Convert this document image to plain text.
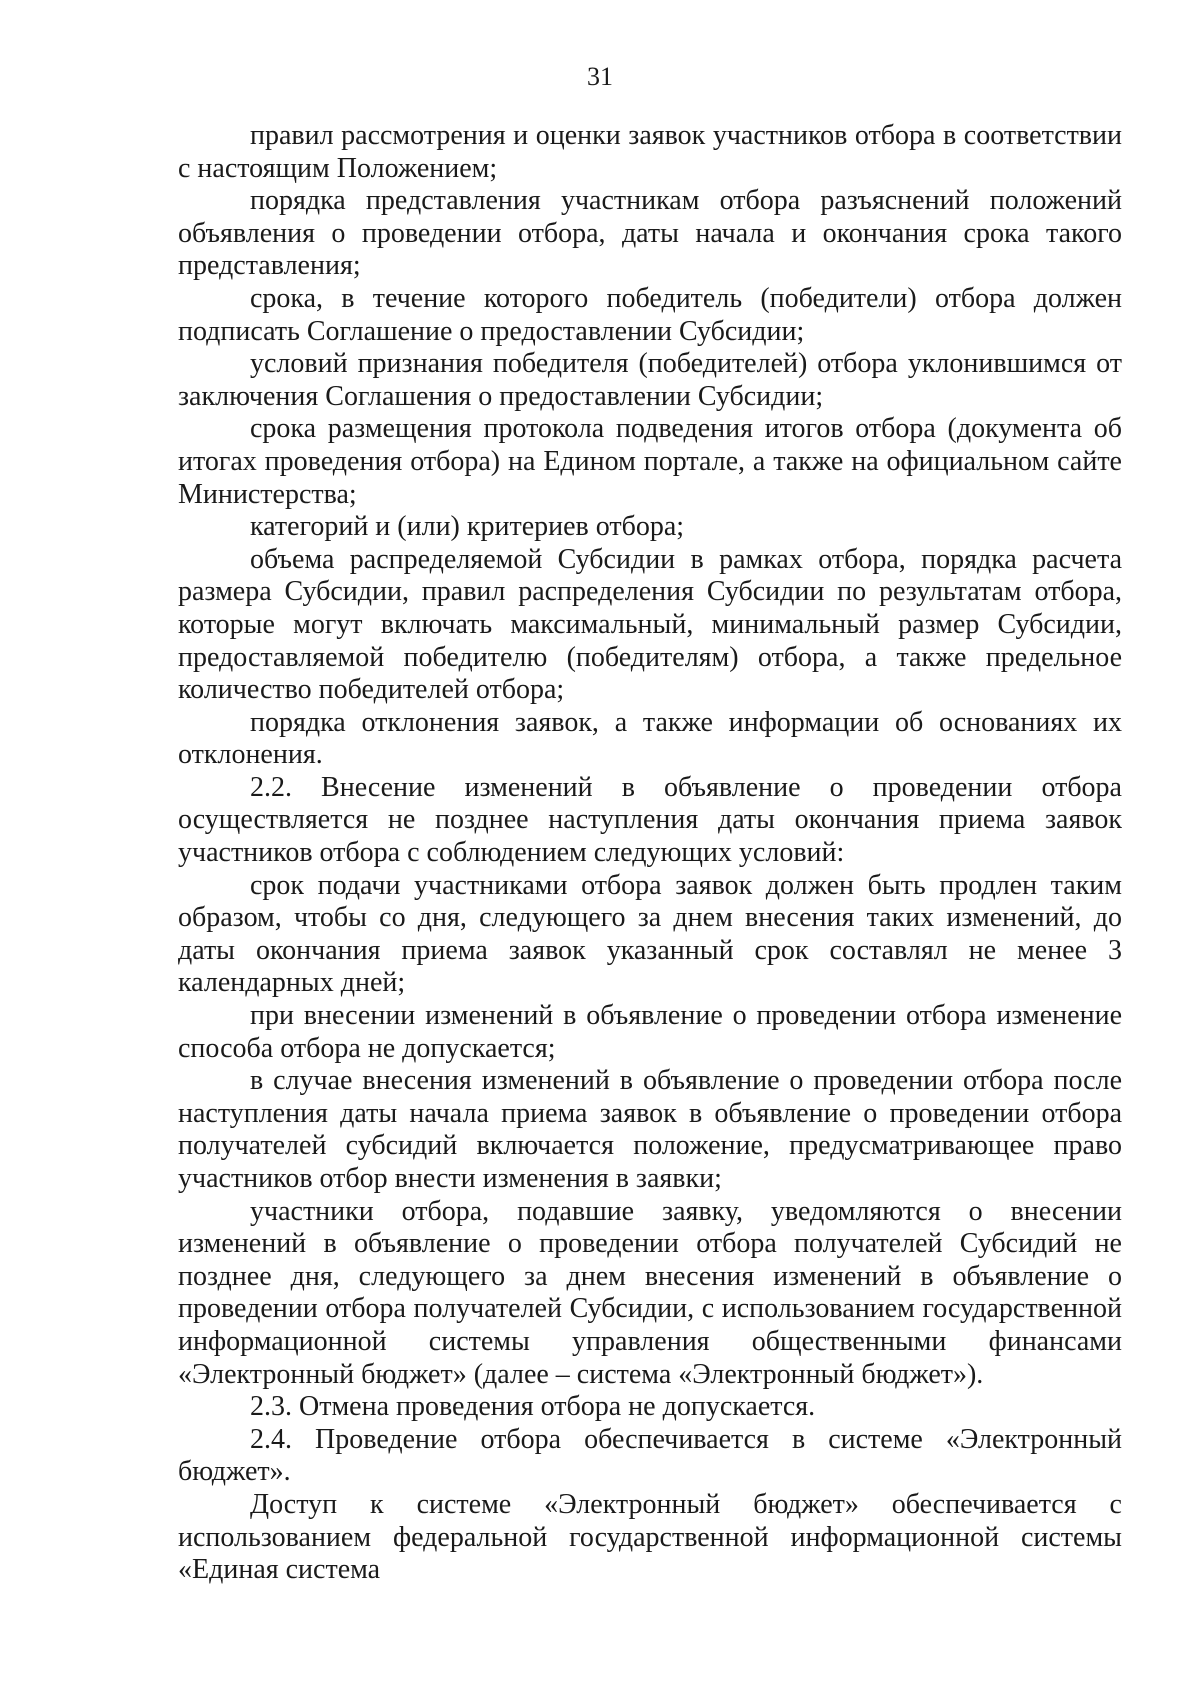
31

правил рассмотрения и оценки заявок участников отбора в соответствии с настоящим Положением;

порядка представления участникам отбора разъяснений положений объявления о проведении отбора, даты начала и окончания срока такого представления;

срока, в течение которого победитель (победители) отбора должен подписать Соглашение о предоставлении Субсидии;

условий признания победителя (победителей) отбора уклонившимся от заключения Соглашения о предоставлении Субсидии;

срока размещения протокола подведения итогов отбора (документа об итогах проведения отбора) на Едином портале, а также на официальном сайте Министерства;

категорий и (или) критериев отбора;

объема распределяемой Субсидии в рамках отбора, порядка расчета размера Субсидии, правил распределения Субсидии по результатам отбора, которые могут включать максимальный, минимальный размер Субсидии, предоставляемой победителю (победителям) отбора, а также предельное количество победителей отбора;

порядка отклонения заявок, а также информации об основаниях их отклонения.

2.2. Внесение изменений в объявление о проведении отбора осуществляется не позднее наступления даты окончания приема заявок участников отбора с соблюдением следующих условий:

срок подачи участниками отбора заявок должен быть продлен таким образом, чтобы со дня, следующего за днем внесения таких изменений, до даты окончания приема заявок указанный срок составлял не менее 3 календарных дней;

при внесении изменений в объявление о проведении отбора изменение способа отбора не допускается;

в случае внесения изменений в объявление о проведении отбора после наступления даты начала приема заявок в объявление о проведении отбора получателей субсидий включается положение, предусматривающее право участников отбор внести изменения в заявки;

участники отбора, подавшие заявку, уведомляются о внесении изменений в объявление о проведении отбора получателей Субсидий не позднее дня, следующего за днем внесения изменений в объявление о проведении отбора получателей Субсидии, с использованием государственной информационной системы управления общественными финансами «Электронный бюджет» (далее – система «Электронный бюджет»).

2.3. Отмена проведения отбора не допускается.

2.4. Проведение отбора обеспечивается в системе «Электронный бюджет».

Доступ к системе «Электронный бюджет» обеспечивается с использованием федеральной государственной информационной системы «Единая система
